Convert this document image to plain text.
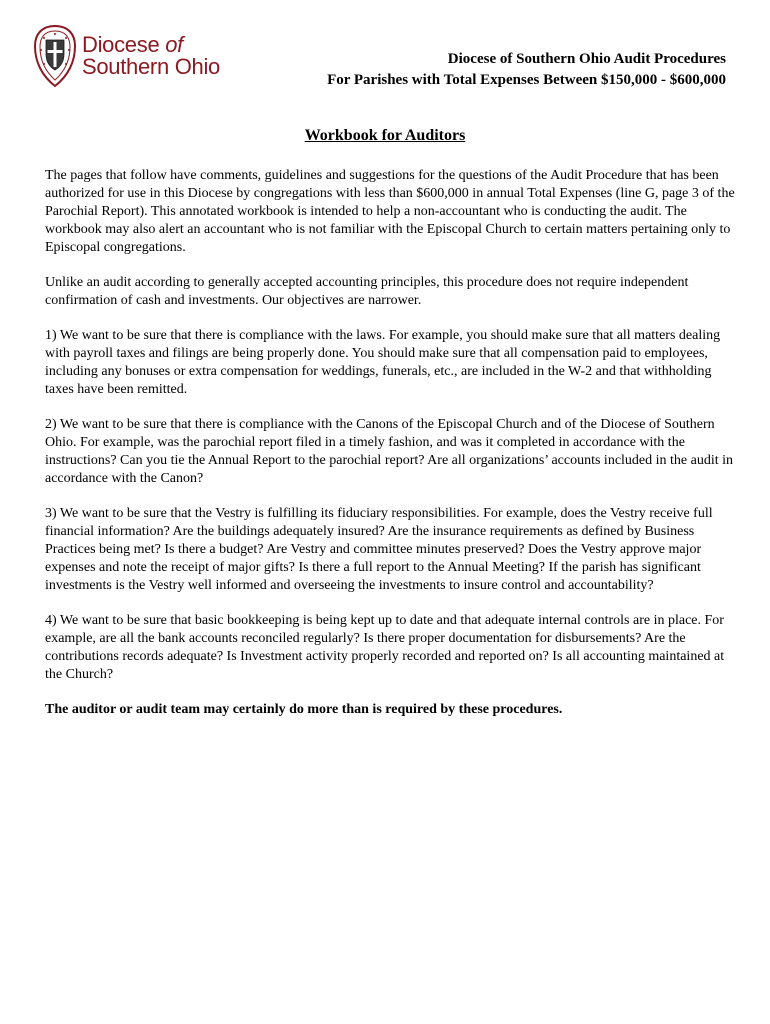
Diocese of
Southern Ohio	Diocese of Southern Ohio Audit Procedures
For Parishes with Total Expenses Between $150,000 - $600,000
Workbook for Auditors

The pages that follow have comments, guidelines and suggestions for the questions of the Audit Procedure that has been authorized for use in this Diocese by congregations with less than $600,000 in annual Total Expenses (line G, page 3 of the Parochial Report). This annotated workbook is intended to help a non-accountant who is conducting the audit. The workbook may also alert an accountant who is not familiar with the Episcopal Church to certain matters pertaining only to Episcopal congregations.

Unlike an audit according to generally accepted accounting principles, this procedure does not require independent confirmation of cash and investments. Our objectives are narrower.

1) We want to be sure that there is compliance with the laws. For example, you should make sure that all matters dealing with payroll taxes and filings are being properly done. You should make sure that all compensation paid to employees, including any bonuses or extra compensation for weddings, funerals, etc., are included in the W-2 and that withholding taxes have been remitted.

2) We want to be sure that there is compliance with the Canons of the Episcopal Church and of the Diocese of Southern Ohio. For example, was the parochial report filed in a timely fashion, and was it completed in accordance with the instructions? Can you tie the Annual Report to the parochial report? Are all organizations’ accounts included in the audit in accordance with the Canon?

3) We want to be sure that the Vestry is fulfilling its fiduciary responsibilities. For example, does the Vestry receive full financial information? Are the buildings adequately insured? Are the insurance requirements as defined by Business Practices being met? Is there a budget? Are Vestry and committee minutes preserved? Does the Vestry approve major expenses and note the receipt of major gifts? Is there a full report to the Annual Meeting? If the parish has significant investments is the Vestry well informed and overseeing the investments to insure control and accountability?

4) We want to be sure that basic bookkeeping is being kept up to date and that adequate internal controls are in place. For example, are all the bank accounts reconciled regularly? Is there proper documentation for disbursements? Are the contributions records adequate? Is Investment activity properly recorded and reported on? Is all accounting maintained at the Church?

The auditor or audit team may certainly do more than is required by these procedures.
